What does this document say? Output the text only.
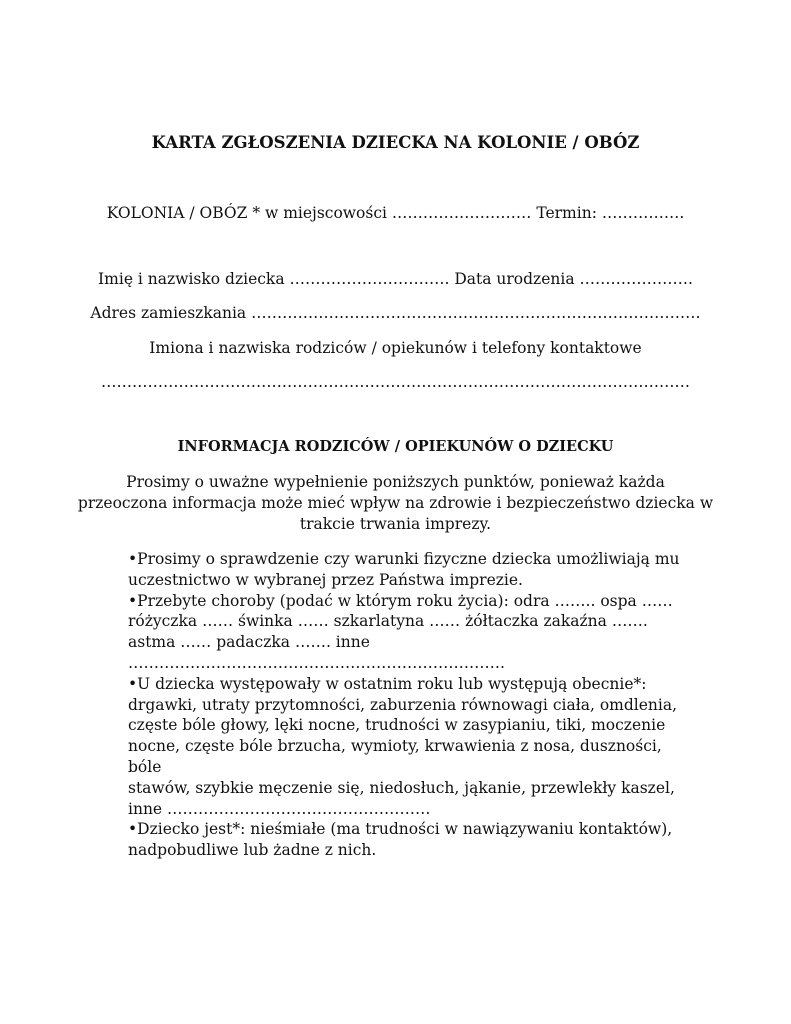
KARTA ZGŁOSZENIA DZIECKA NA KOLONIE / OBÓZ
KOLONIA / OBÓZ * w miejscowości ……………………… Termin: …………….
Imię i nazwisko dziecka …………………………. Data urodzenia ………………….
Adres zamieszkania ……………………………………………………………………………
Imiona i nazwiska rodziców / opiekunów i telefony kontaktowe
……………………………………………………………………………………………………
INFORMACJA RODZICÓW / OPIEKUNÓW O DZIECKU
Prosimy o uważne wypełnienie poniższych punktów, ponieważ każda
przeoczona informacja może mieć wpływ na zdrowie i bezpieczeństwo dziecka w
trakcie trwania imprezy.
•Prosimy o sprawdzenie czy warunki fizyczne dziecka umożliwiają mu
uczestnictwo w wybranej przez Państwa imprezie.
•Przebyte choroby (podać w którym roku życia): odra …….. ospa ……
różyczka …… świnka …… szkarlatyna …… żółtaczka zakaźna …….
astma …… padaczka ……. inne
……………………………………………………………….
•U dziecka występowały w ostatnim roku lub występują obecnie*:
drgawki, utraty przytomności, zaburzenia równowagi ciała, omdlenia,
częste bóle głowy, lęki nocne, trudności w zasypianiu, tiki, moczenie
nocne, częste bóle brzucha, wymioty, krwawienia z nosa, duszności, bóle
stawów, szybkie męczenie się, niedosłuch, jąkanie, przewlekły kaszel,
inne ……………………………………………
•Dziecko jest*: nieśmiałe (ma trudności w nawiązywaniu kontaktów),
nadpobudliwe lub żadne z nich.
